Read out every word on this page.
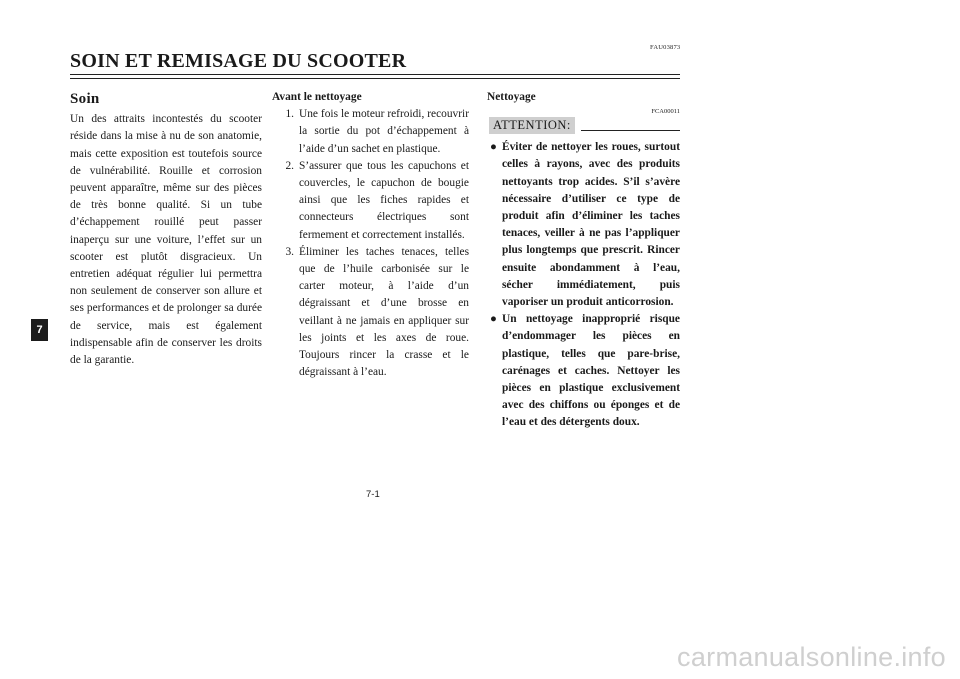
FAU03873
SOIN ET REMISAGE DU SCOOTER
Soin

Un des attraits incontestés du scooter réside dans la mise à nu de son anatomie, mais cette exposition est toutefois source de vulnérabilité. Rouille et corrosion peuvent apparaître, même sur des pièces de très bonne qualité. Si un tube d’échappement rouillé peut passer inaperçu sur une voiture, l’effet sur un scooter est plutôt disgracieux. Un entretien adéquat régulier lui permettra non seulement de conserver son allure et ses performances et de prolonger sa durée de service, mais est également indispensable afin de conserver les droits de la garantie.

Avant le nettoyage
1. Une fois le moteur refroidi, recouvrir la sortie du pot d’échappement à l’aide d’un sachet en plastique.
2. S’assurer que tous les capuchons et couvercles, le capuchon de bougie ainsi que les fiches rapides et connecteurs électriques sont fermement et correctement installés.
3. Éliminer les taches tenaces, telles que de l’huile carbonisée sur le carter moteur, à l’aide d’un dégraissant et d’une brosse en veillant à ne jamais en appliquer sur les joints et les axes de roue. Toujours rincer la crasse et le dégraissant à l’eau.
Nettoyage
FCA00011
ATTENTION:
● Éviter de nettoyer les roues, surtout celles à rayons, avec des produits nettoyants trop acides. S’il s’avère nécessaire d’utiliser ce type de produit afin d’éliminer les taches tenaces, veiller à ne pas l’appliquer plus longtemps que prescrit. Rincer ensuite abondamment à l’eau, sécher immédiatement, puis vaporiser un produit anticorrosion.
● Un nettoyage inapproprié risque d’endommager les pièces en plastique, telles que pare-brise, carénages et caches. Nettoyer les pièces en plastique exclusivement avec des chiffons ou éponges et de l’eau et des détergents doux.
7
7-1
carmanualsonline.info
